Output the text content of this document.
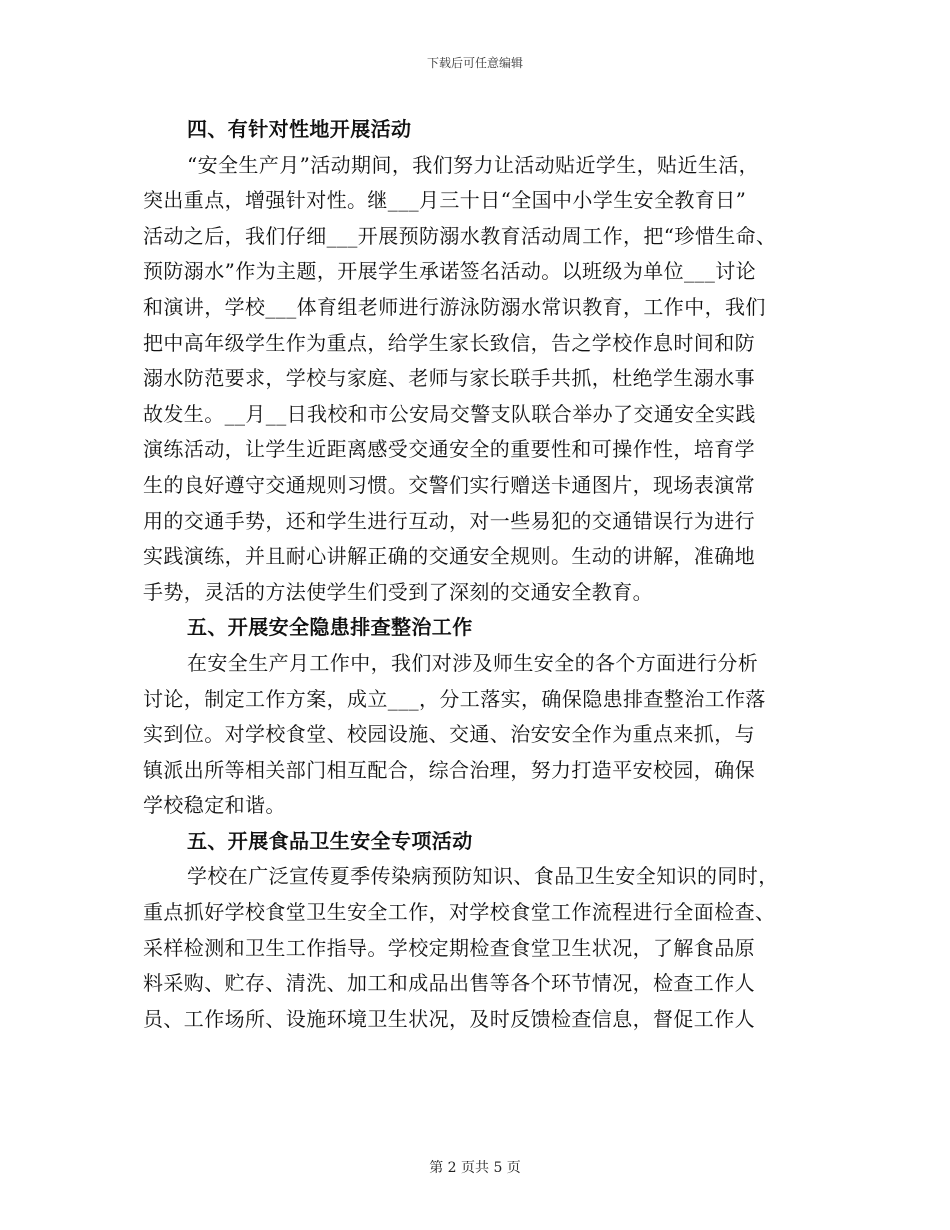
下载后可任意编辑
四、有针对性地开展活动
“安全生产月”活动期间，我们努力让活动贴近学生，贴近生活，
突出重点，增强针对性。继___月三十日“全国中小学生安全教育日”
活动之后，我们仔细___开展预防溺水教育活动周工作，把“珍惜生命、
预防溺水”作为主题，开展学生承诺签名活动。以班级为单位___讨论
和演讲，学校___体育组老师进行游泳防溺水常识教育，工作中，我们
把中高年级学生作为重点，给学生家长致信，告之学校作息时间和防
溺水防范要求，学校与家庭、老师与家长联手共抓，杜绝学生溺水事
故发生。__月__日我校和市公安局交警支队联合举办了交通安全实践
演练活动，让学生近距离感受交通安全的重要性和可操作性，培育学
生的良好遵守交通规则习惯。交警们实行赠送卡通图片，现场表演常
用的交通手势，还和学生进行互动，对一些易犯的交通错误行为进行
实践演练，并且耐心讲解正确的交通安全规则。生动的讲解，准确地
手势，灵活的方法使学生们受到了深刻的交通安全教育。
五、开展安全隐患排查整治工作
在安全生产月工作中，我们对涉及师生安全的各个方面进行分析
讨论，制定工作方案，成立___，分工落实，确保隐患排查整治工作落
实到位。对学校食堂、校园设施、交通、治安安全作为重点来抓，与
镇派出所等相关部门相互配合，综合治理，努力打造平安校园，确保
学校稳定和谐。
五、开展食品卫生安全专项活动
学校在广泛宣传夏季传染病预防知识、食品卫生安全知识的同时，
重点抓好学校食堂卫生安全工作，对学校食堂工作流程进行全面检查、
采样检测和卫生工作指导。学校定期检查食堂卫生状况，了解食品原
料采购、贮存、清洗、加工和成品出售等各个环节情况，检查工作人
员、工作场所、设施环境卫生状况，及时反馈检查信息，督促工作人
第 2 页共 5 页
